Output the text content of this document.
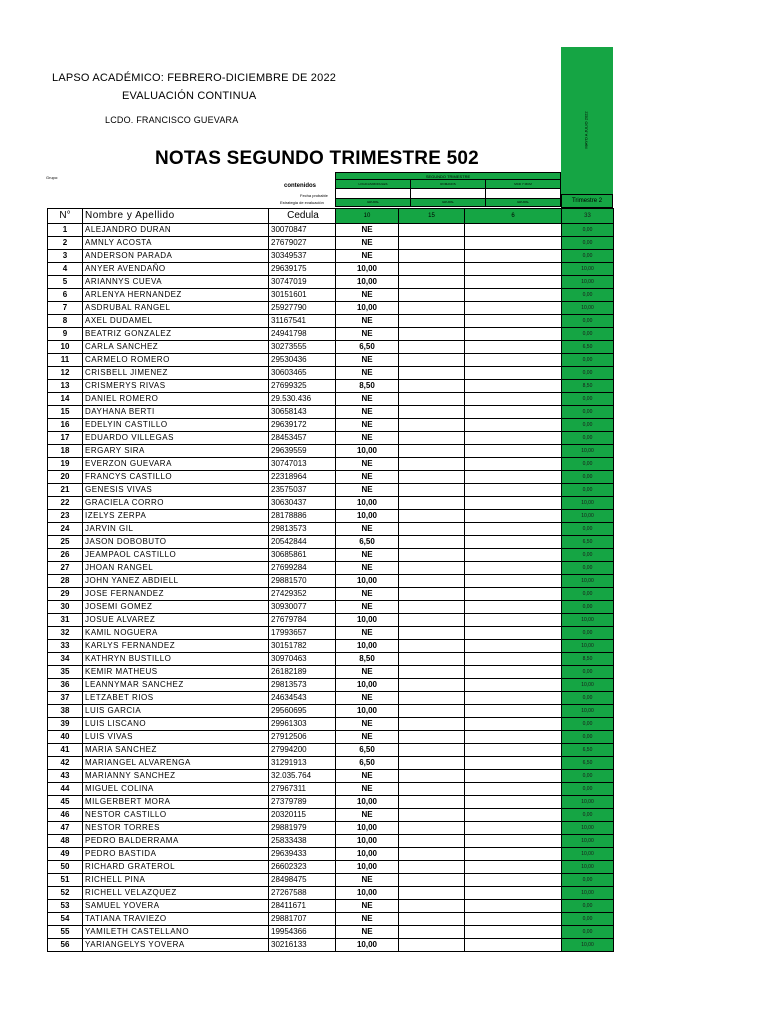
LAPSO ACADÉMICO: FEBRERO-DICIEMBRE DE 2022
EVALUACIÓN CONTINUA
LCDO. FRANCISCO GUEVARA
NOTAS SEGUNDO TRIMESTRE 502
Grupo:
MAYO A JULIO 2022
SEGUNDO TRIMESTRE
LOGICAS/MODULES	ROMANOS	MCD Y MCM
GRUPAL	GRUPAL	GRUPAL
contenidos
Fecha probable
Estrategia de evaluación	Trimestre 2
N°	Nombre y Apellido	Cedula	10	15	6	33
1	ALEJANDRO DURAN	30070847	NE			0,00
2	AMNLY ACOSTA	27679027	NE			0,00
3	ANDERSON PARADA	30349537	NE			0,00
4	ANYER AVENDAÑO	29639175	10,00			10,00
5	ARIANNYS CUEVA	30747019	10,00			10,00
6	ARLENYA HERNANDEZ	30151601	NE			0,00
7	ASDRUBAL RANGEL	25927790	10,00			10,00
8	AXEL DUDAMEL	31167541	NE			0,00
9	BEATRIZ GONZALEZ	24941798	NE			0,00
10	CARLA SANCHEZ	30273555	6,50			6,50
11	CARMELO ROMERO	29530436	NE			0,00
12	CRISBELL JIMENEZ	30603465	NE			0,00
13	CRISMERYS RIVAS	27699325	8,50			8,50
14	DANIEL ROMERO	29.530.436	NE			0,00
15	DAYHANA BERTI	30658143	NE			0,00
16	EDELYIN CASTILLO	29639172	NE			0,00
17	EDUARDO VILLEGAS	28453457	NE			0,00
18	ERGARY SIRA	29639559	10,00			10,00
19	EVERZON GUEVARA	30747013	NE			0,00
20	FRANCYS CASTILLO	22318964	NE			0,00
21	GENESIS VIVAS	23575037	NE			0,00
22	GRACIELA CORRO	30630437	10,00			10,00
23	IZELYS ZERPA	28178886	10,00			10,00
24	JARVIN GIL	29813573	NE			0,00
25	JASON DOBOBUTO	20542844	6,50			6,50
26	JEAMPAOL CASTILLO	30685861	NE			0,00
27	JHOAN RANGEL	27699284	NE			0,00
28	JOHN YANEZ ABDIELL	29881570	10,00			10,00
29	JOSE FERNANDEZ	27429352	NE			0,00
30	JOSEMI GOMEZ	30930077	NE			0,00
31	JOSUE ALVAREZ	27679784	10,00			10,00
32	KAMIL NOGUERA	17993657	NE			0,00
33	KARLYS FERNANDEZ	30151782	10,00			10,00
34	KATHRYN BUSTILLO	30970463	8,50			8,50
35	KEMIR MATHEUS	26182189	NE			0,00
36	LEANNYMAR SANCHEZ	29813573	10,00			10,00
37	LETZABET RIOS	24634543	NE			0,00
38	LUIS GARCIA	29560695	10,00			10,00
39	LUIS LISCANO	29961303	NE			0,00
40	LUIS VIVAS	27912506	NE			0,00
41	MARIA SANCHEZ	27994200	6,50			6,50
42	MARIANGEL ALVARENGA	31291913	6,50			6,50
43	MARIANNY SANCHEZ	32.035.764	NE			0,00
44	MIGUEL COLINA	27967311	NE			0,00
45	MILGERBERT MORA	27379789	10,00			10,00
46	NESTOR CASTILLO	20320115	NE			0,00
47	NESTOR TORRES	29881979	10,00			10,00
48	PEDRO BALDERRAMA	25833438	10,00			10,00
49	PEDRO BASTIDA	29639433	10,00			10,00
50	RICHARD GRATEROL	26602323	10,00			10,00
51	RICHELL PINA	28498475	NE			0,00
52	RICHELL VELAZQUEZ	27267588	10,00			10,00
53	SAMUEL YOVERA	28411671	NE			0,00
54	TATIANA TRAVIEZO	29881707	NE			0,00
55	YAMILETH CASTELLANO	19954366	NE			0,00
56	YARIANGELYS YOVERA	30216133	10,00			10,00
